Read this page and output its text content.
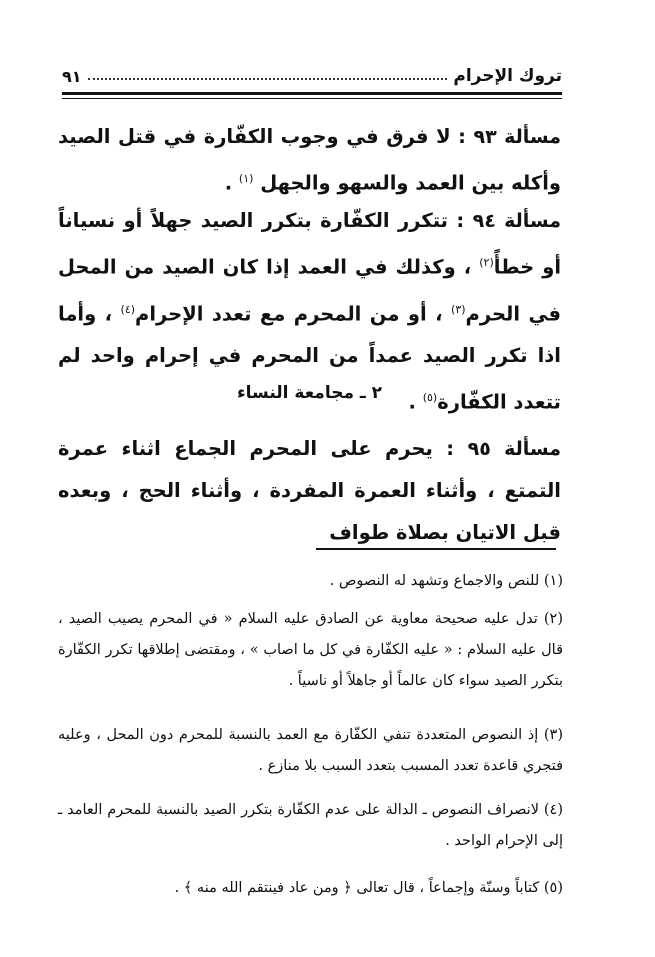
تروك الإحرام
٩١
مسألة ٩٣ : لا فرق في وجوب الكفّارة في قتل الصيد وأكله بين العمد والسهو والجهل $^{(١)}$ .
مسألة ٩٤ : تتكرر الكفّارة بتكرر الصيد جهلاً أو نسياناً أو خطأً$^{(٢)}$ ، وكذلك في العمد إذا كان الصيد من المحل في الحرم$^{(٣)}$ ، أو من المحرم مع تعدد الإحرام$^{(٤)}$ ، وأما اذا تكرر الصيد عمداً من المحرم في إحرام واحد لم تتعدد الكفّارة$^{(٥)}$ .
٢ ـ مجامعة النساء
مسألة ٩٥ : يحرم على المحرم الجماع اثناء عمرة التمتع ، وأثناء العمرة المفردة ، وأثناء الحج ، وبعده قبل الاتيان بصلاة طواف
(١) للنص والاجماع وتشهد له النصوص .
(٢) تدل عليه صحيحة معاوية عن الصادق عليه السلام « في المحرم يصيب الصيد ، قال عليه السلام : « عليه الكفّارة في كل ما اصاب » ، ومقتضى إطلاقها تكرر الكفّارة بتكرر الصيد سواء كان عالماً أو جاهلاً أو ناسياً .
(٣) إذ النصوص المتعددة تنفي الكفّارة مع العمد بالنسبة للمحرم دون المحل ، وعليه فتجري قاعدة تعدد المسبب بتعدد السبب بلا منازع .
(٤) لانصراف النصوص ـ الدالة على عدم الكفّارة بتكرر الصيد بالنسبة للمحرم العامد ـ إلى الإحرام الواحد .
(٥) كتاباً وسنّة وإجماعاً ، قال تعالى ﴿ ومن عاد فينتقم الله منه ﴾ .
